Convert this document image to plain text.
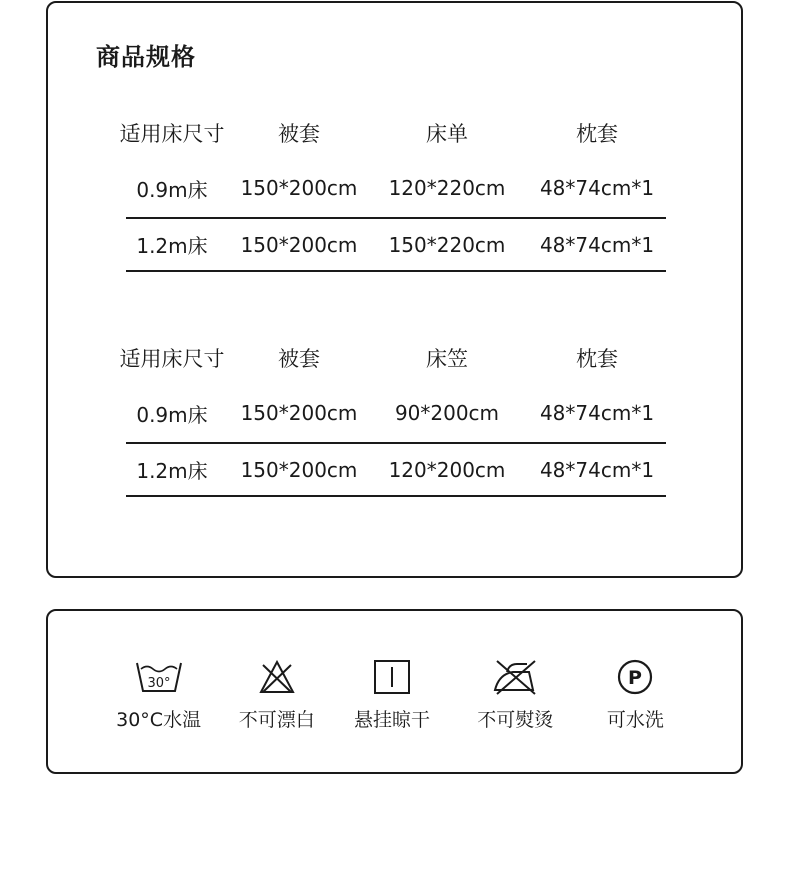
商品规格
适用床尺寸	被套	床单	枕套
0.9m床	150*200cm	120*220cm	48*74cm*1
1.2m床	150*200cm	150*220cm	48*74cm*1
适用床尺寸	被套	床笠	枕套
0.9m床	150*200cm	90*200cm	48*74cm*1
1.2m床	150*200cm	120*200cm	48*74cm*1
30°
30°C水温 不可漂白 悬挂晾干 不可熨烫
P
可水洗
